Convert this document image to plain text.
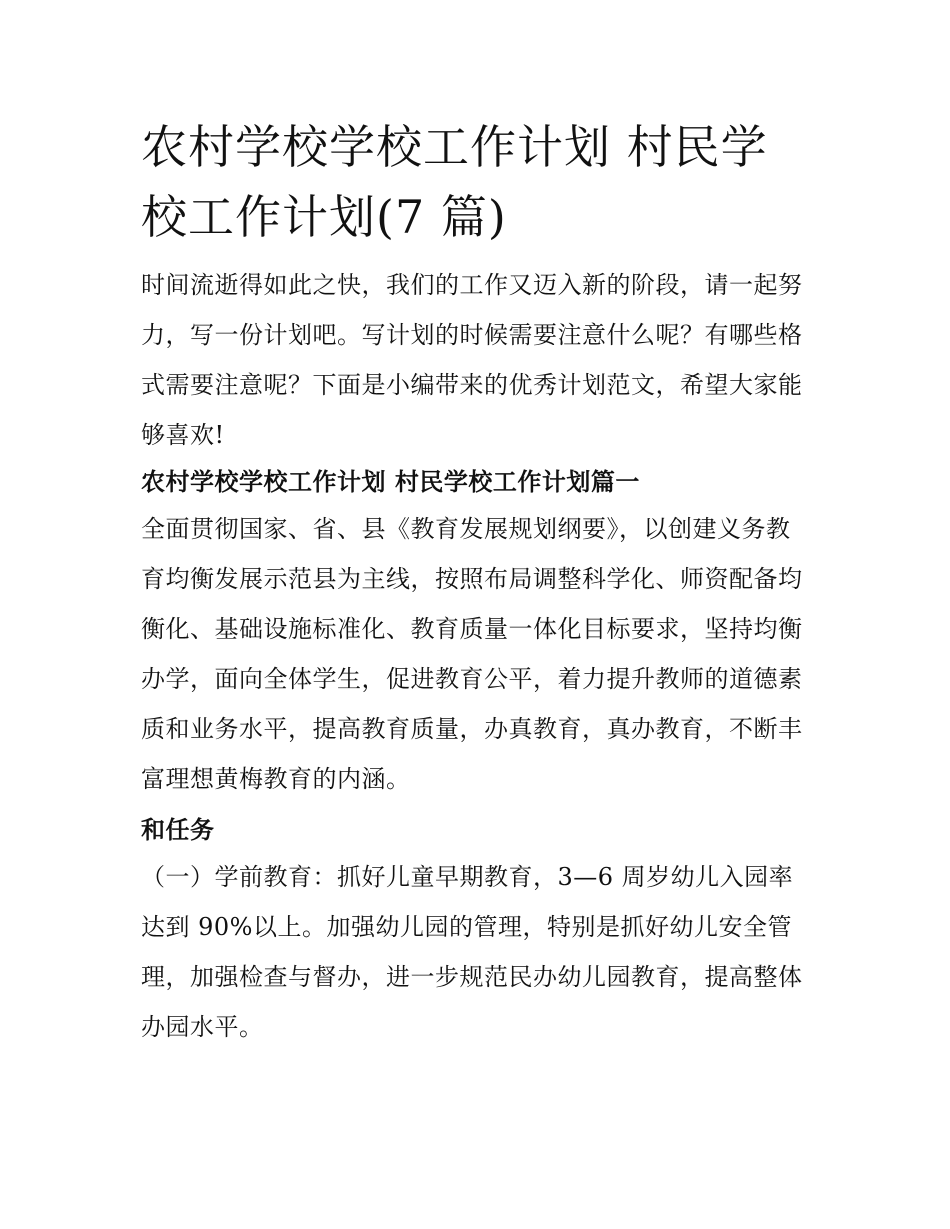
农村学校学校工作计划 村民学
校工作计划(7 篇)

时间流逝得如此之快，我们的工作又迈入新的阶段，请一起努
力，写一份计划吧。写计划的时候需要注意什么呢？有哪些格
式需要注意呢？下面是小编带来的优秀计划范文，希望大家能
够喜欢!

农村学校学校工作计划 村民学校工作计划篇一

全面贯彻国家、省、县《教育发展规划纲要》，以创建义务教
育均衡发展示范县为主线，按照布局调整科学化、师资配备均
衡化、基础设施标准化、教育质量一体化目标要求，坚持均衡
办学，面向全体学生，促进教育公平，着力提升教师的道德素
质和业务水平，提高教育质量，办真教育，真办教育，不断丰
富理想黄梅教育的内涵。

和任务

（一）学前教育：抓好儿童早期教育，3—6 周岁幼儿入园率
达到 90%以上。加强幼儿园的管理，特别是抓好幼儿安全管
理，加强检查与督办，进一步规范民办幼儿园教育，提高整体
办园水平。
